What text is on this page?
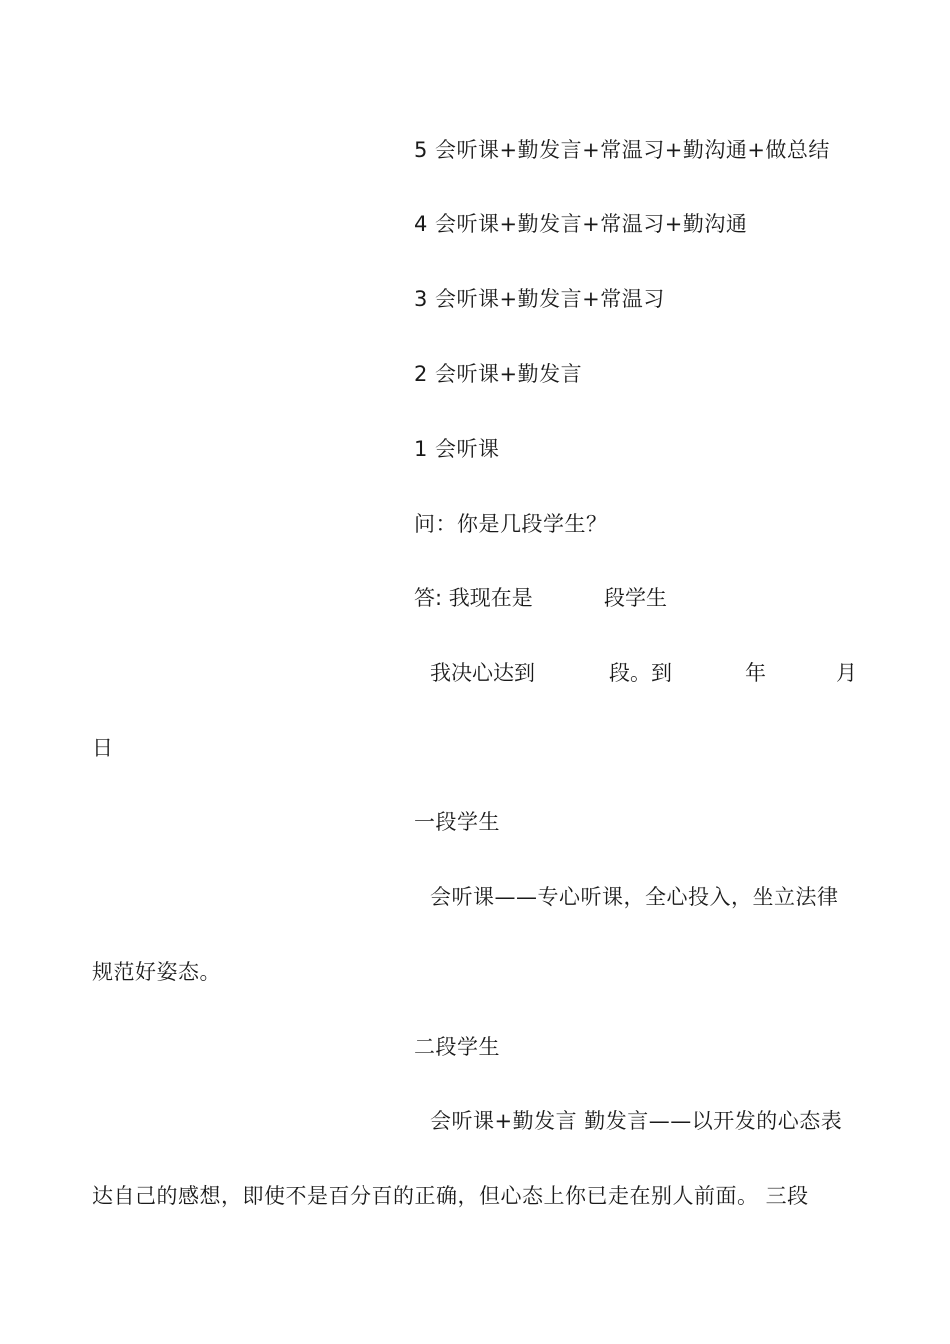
5 会听课+勤发言+常温习+勤沟通+做总结
4 会听课+勤发言+常温习+勤沟通
3 会听课+勤发言+常温习
2 会听课+勤发言
1 会听课
问：你是几段学生？
答: 我现在是	段学生
我决心达到	段。到	年	月
日
一段学生
会听课——专心听课，全心投入，坐立法律
规范好姿态。
二段学生
会听课+勤发言 勤发言——以开发的心态表
达自己的感想，即使不是百分百的正确，但心态上你已走在别人前面。 三段
